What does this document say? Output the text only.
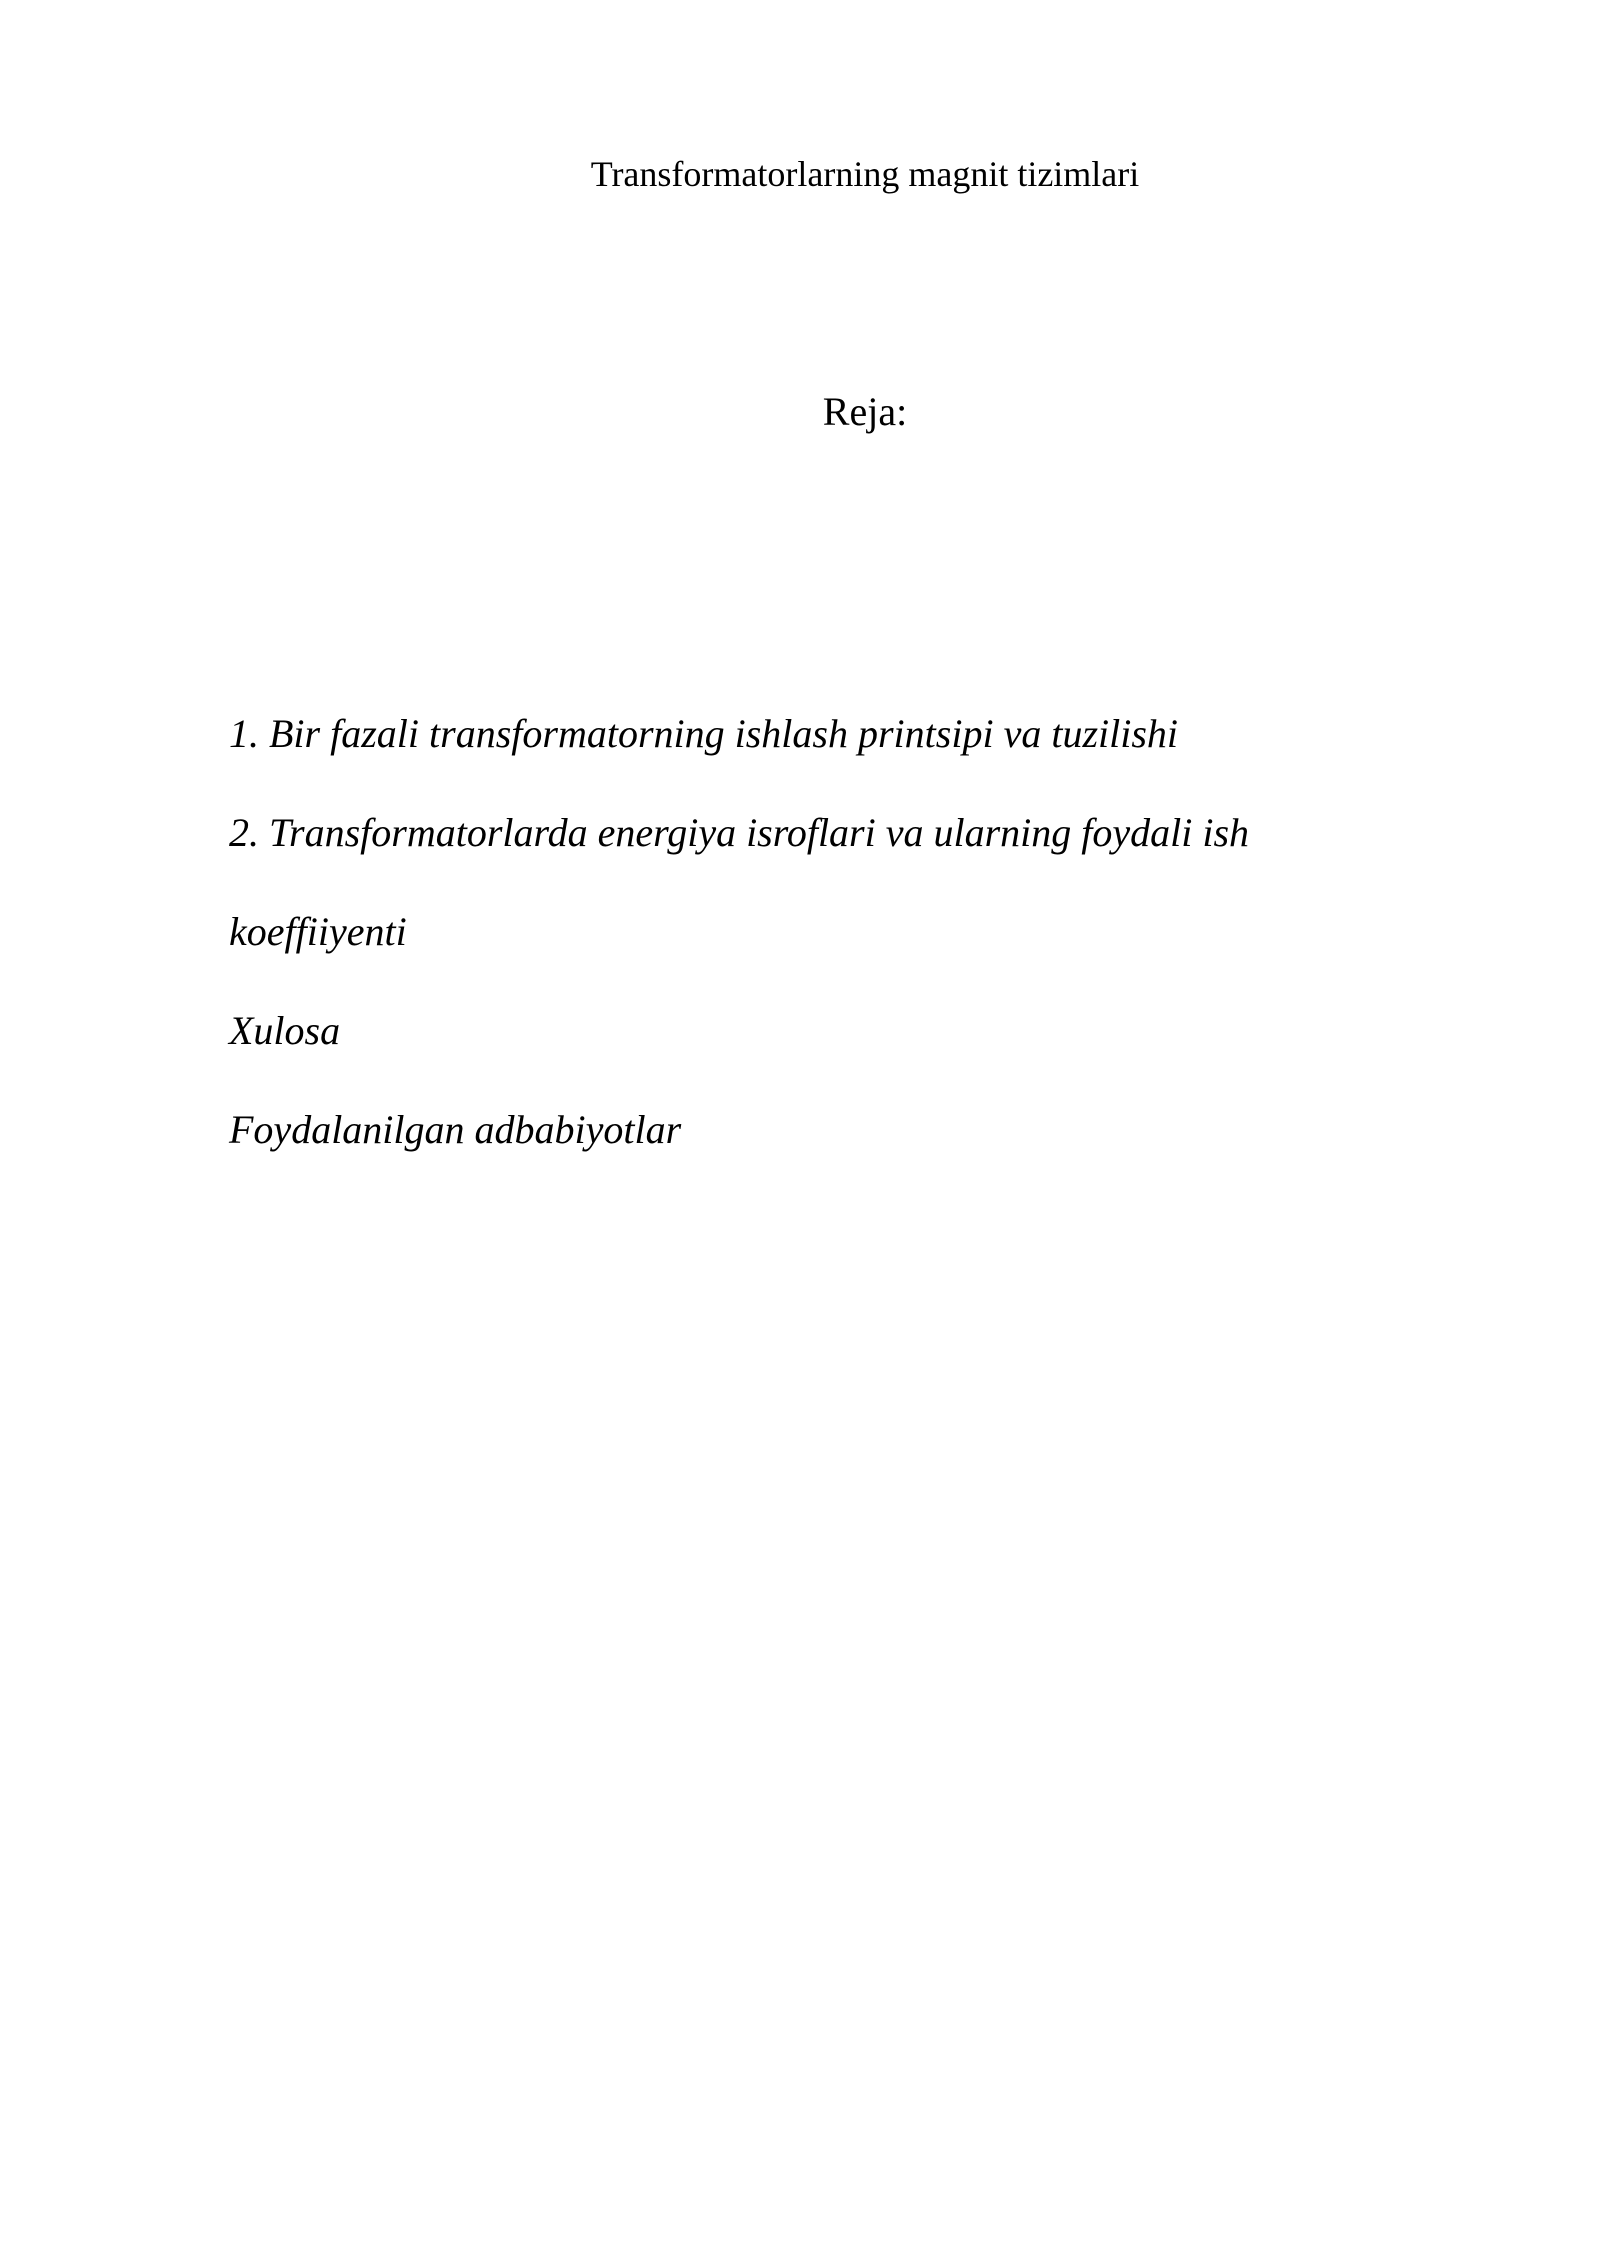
Transformatorlarning magnit tizimlari
Reja:
1. Bir fazali transformatorning ishlash printsipi va tuzilishi
2. Transformatorlarda energiya isroflari va ularning foydali ish
koeffiiyenti
Xulosa
Foydalanilgan adbabiyotlar
